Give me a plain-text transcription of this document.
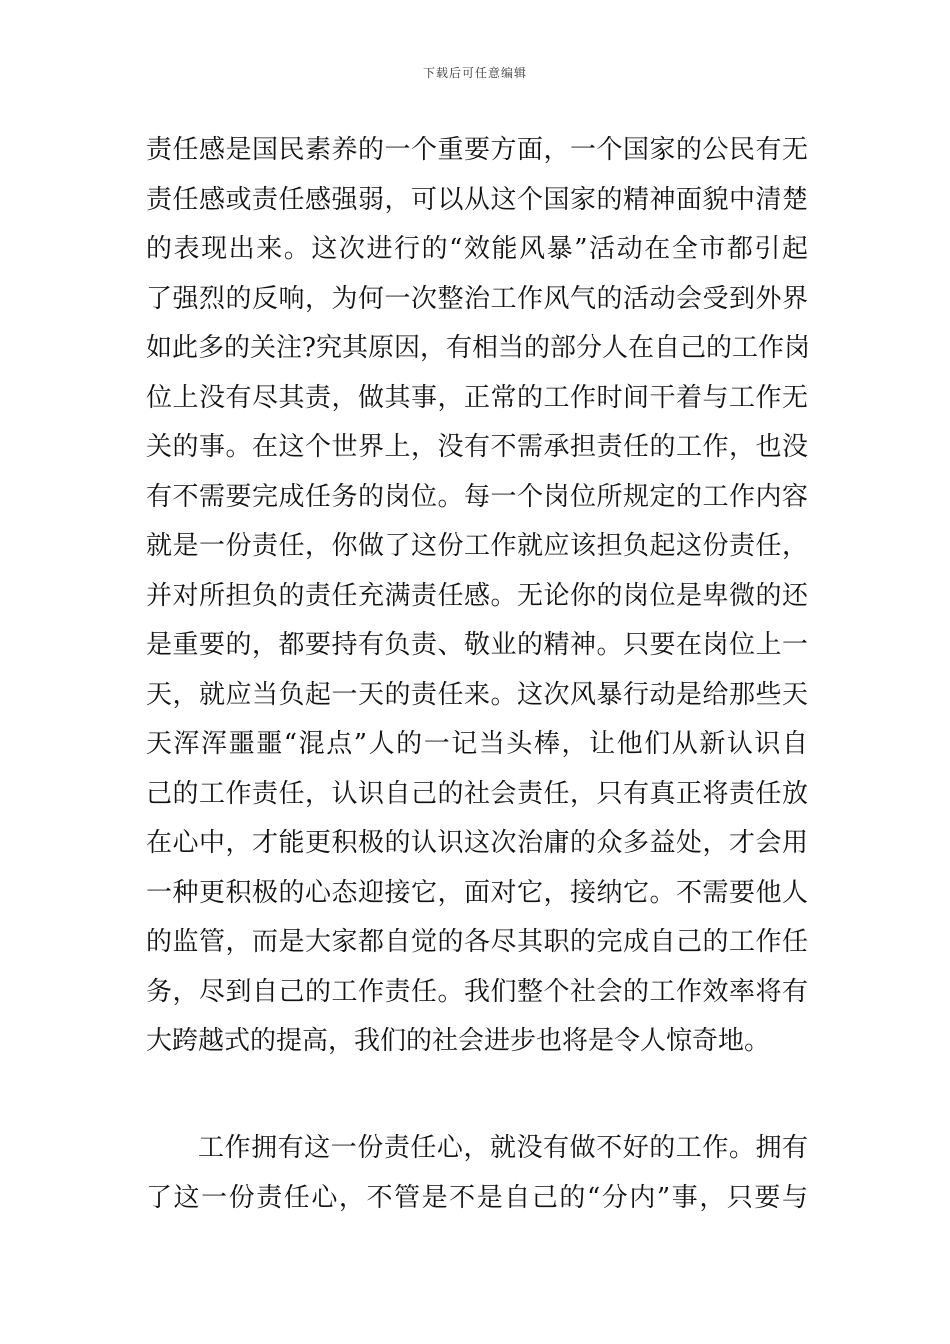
下载后可任意编辑
责任感是国民素养的一个重要方面，一个国家的公民有无
责任感或责任感强弱，可以从这个国家的精神面貌中清楚
的表现出来。这次进行的“效能风暴”活动在全市都引起
了强烈的反响，为何一次整治工作风气的活动会受到外界
如此多的关注?究其原因，有相当的部分人在自己的工作岗
位上没有尽其责，做其事，正常的工作时间干着与工作无
关的事。在这个世界上，没有不需承担责任的工作，也没
有不需要完成任务的岗位。每一个岗位所规定的工作内容
就是一份责任，你做了这份工作就应该担负起这份责任，
并对所担负的责任充满责任感。无论你的岗位是卑微的还
是重要的，都要持有负责、敬业的精神。只要在岗位上一
天，就应当负起一天的责任来。这次风暴行动是给那些天
天浑浑噩噩“混点”人的一记当头棒，让他们从新认识自
己的工作责任，认识自己的社会责任，只有真正将责任放
在心中，才能更积极的认识这次治庸的众多益处，才会用
一种更积极的心态迎接它，面对它，接纳它。不需要他人
的监管，而是大家都自觉的各尽其职的完成自己的工作任
务，尽到自己的工作责任。我们整个社会的工作效率将有
大跨越式的提高，我们的社会进步也将是令人惊奇地。
工作拥有这一份责任心，就没有做不好的工作。拥有
了这一份责任心，不管是不是自己的“分内”事，只要与
